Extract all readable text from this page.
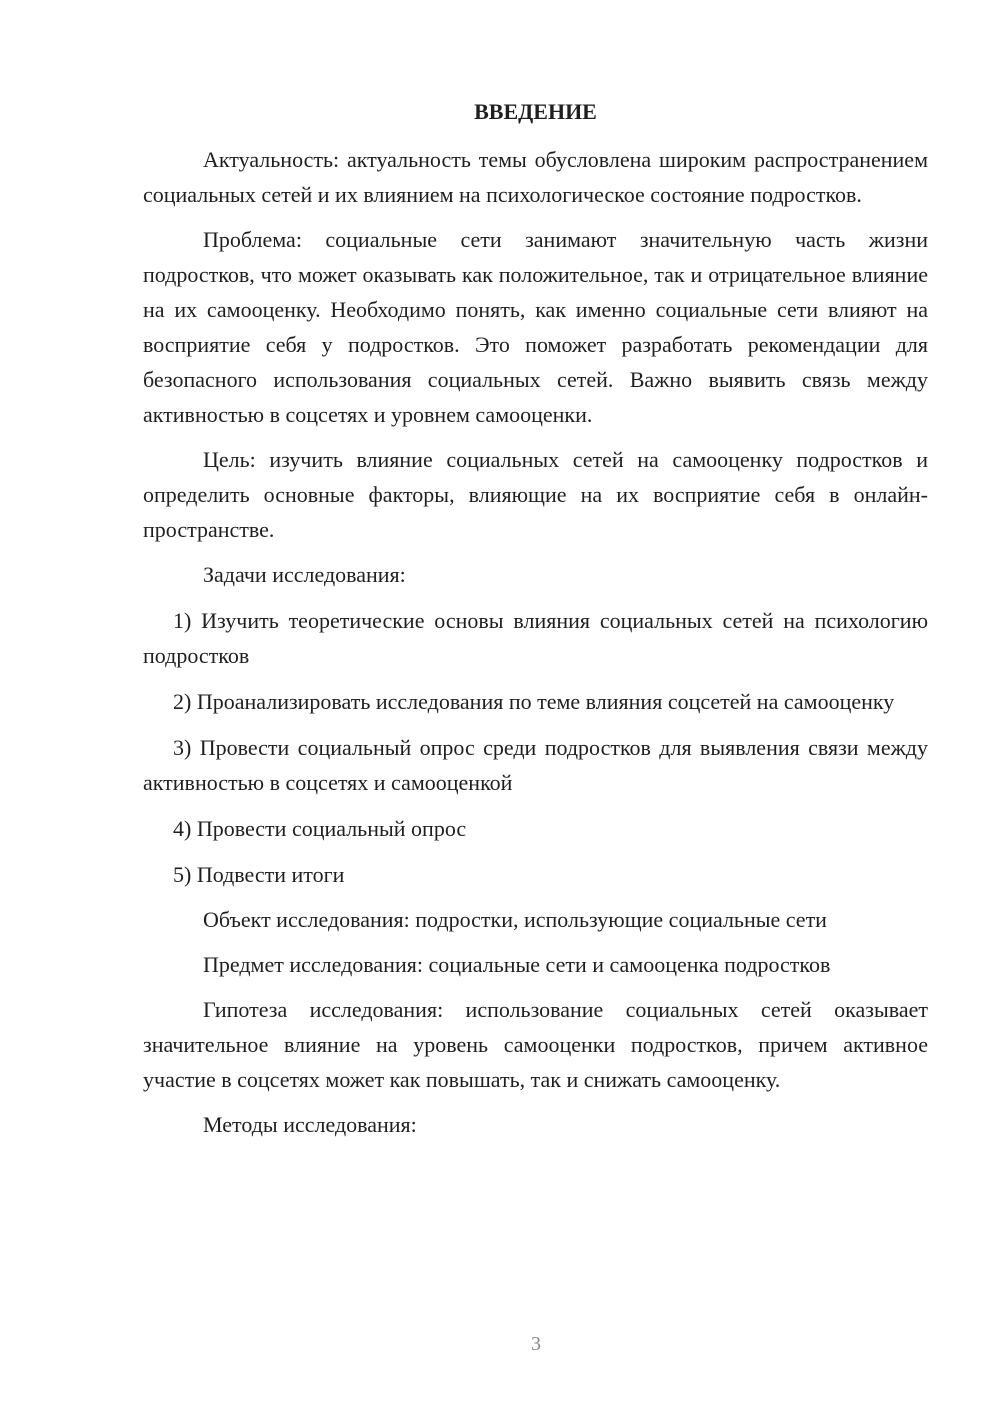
ВВЕДЕНИЕ

Актуальность: актуальность темы обусловлена широким распространением социальных сетей и их влиянием на психологическое состояние подростков.

Проблема: социальные сети занимают значительную часть жизни подростков, что может оказывать как положительное, так и отрицательное влияние на их самооценку. Необходимо понять, как именно социальные сети влияют на восприятие себя у подростков. Это поможет разработать рекомендации для безопасного использования социальных сетей. Важно выявить связь между активностью в соцсетях и уровнем самооценки.

Цель: изучить влияние социальных сетей на самооценку подростков и определить основные факторы, влияющие на их восприятие себя в онлайн-пространстве.

Задачи исследования:

1) Изучить теоретические основы влияния социальных сетей на психологию подростков

2) Проанализировать исследования по теме влияния соцсетей на самооценку

3) Провести социальный опрос среди подростков для выявления связи между активностью в соцсетях и самооценкой

4) Провести социальный опрос

5) Подвести итоги

Объект исследования: подростки, использующие социальные сети

Предмет исследования: социальные сети и самооценка подростков

Гипотеза исследования: использование социальных сетей оказывает значительное влияние на уровень самооценки подростков, причем активное участие в соцсетях может как повышать, так и снижать самооценку.

Методы исследования:

3
